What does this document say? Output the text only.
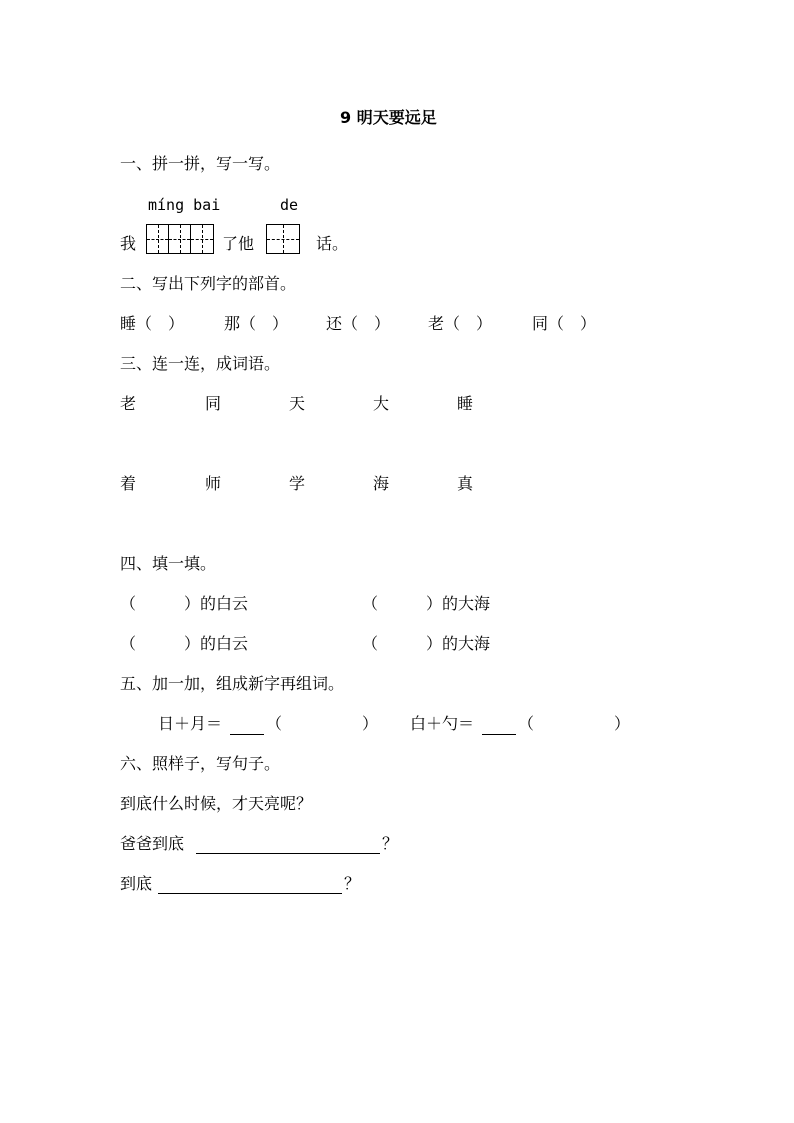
9 明天要远足
一、拼一拼，写一写。
míng bai	de
我	了他	话。
二、写出下列字的部首。
睡（　） 那（　） 还（　） 老（　） 同（　）
三、连一连，成词语。
老	同	天	大	睡
着	师	学	海	真
四、填一填。
（　　　）的白云	（　　　）的大海
（　　　）的白云	（　　　）的大海
五、加一加，组成新字再组词。
日＋月＝	（　　　　　） 白＋勺＝	（　　　　　）
六、照样子，写句子。
到底什么时候，才天亮呢？
爸爸到底	？
到底	？
